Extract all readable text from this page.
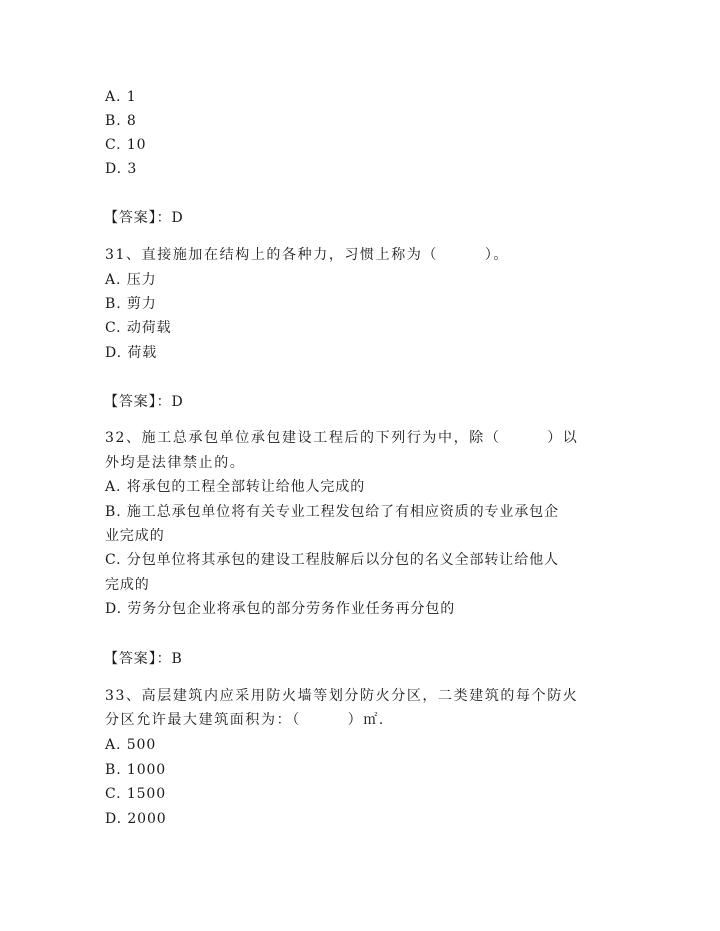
A. 1
B. 8
C. 10
D. 3
【答案】：D
31、直接施加在结构上的各种力，习惯上称为（　　　）。
A. 压力
B. 剪力
C. 动荷载
D. 荷载
【答案】：D
32、施工总承包单位承包建设工程后的下列行为中，除（　　　）以
外均是法律禁止的。
A. 将承包的工程全部转让给他人完成的
B. 施工总承包单位将有关专业工程发包给了有相应资质的专业承包企
业完成的
C. 分包单位将其承包的建设工程肢解后以分包的名义全部转让给他人
完成的
D. 劳务分包企业将承包的部分劳务作业任务再分包的
【答案】：B
33、高层建筑内应采用防火墙等划分防火分区，二类建筑的每个防火
分区允许最大建筑面积为：（　　　）㎡.
A. 500
B. 1000
C. 1500
D. 2000
